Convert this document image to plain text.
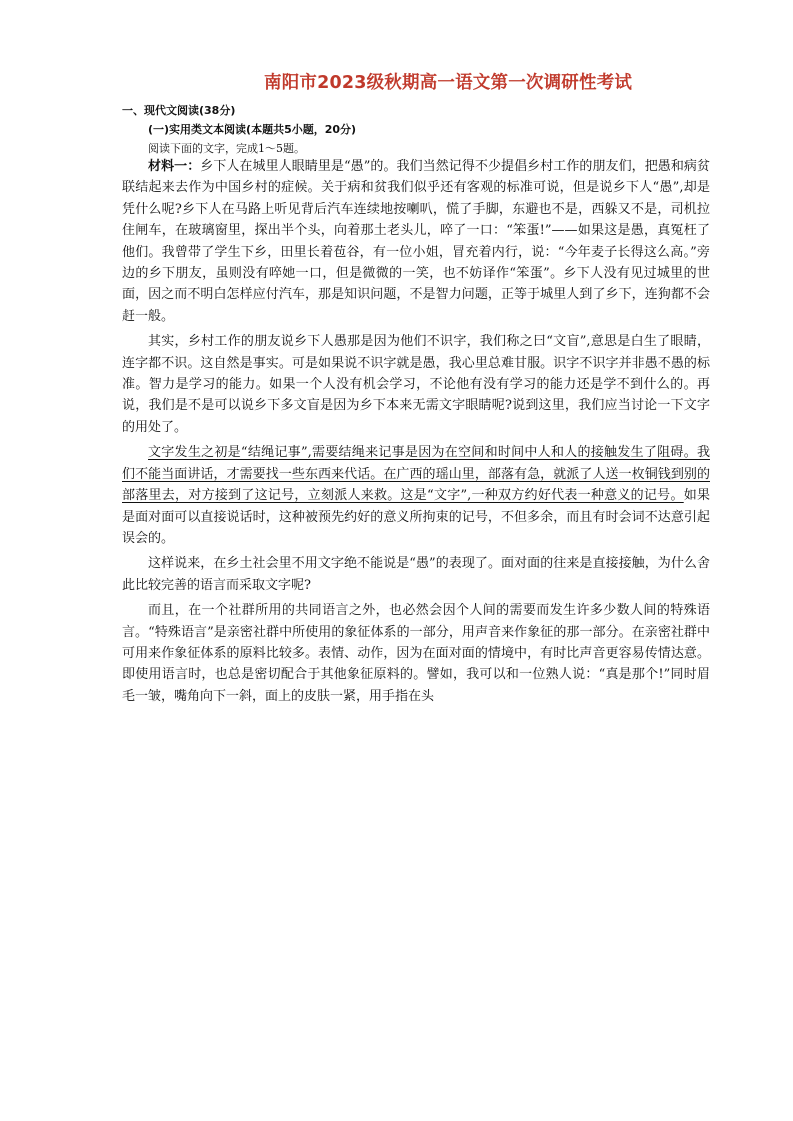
南阳市2023级秋期高一语文第一次调研性考试
一、现代文阅读(38分)
(一)实用类文本阅读(本题共5小题，20分)
阅读下面的文字，完成1～5题。

材料一：乡下人在城里人眼睛里是“愚”的。我们当然记得不少提倡乡村工作的朋友们，把愚和病贫联结起来去作为中国乡村的症候。关于病和贫我们似乎还有客观的标准可说，但是说乡下人“愚”,却是凭什么呢?乡下人在马路上听见背后汽车连续地按喇叭，慌了手脚，东避也不是，西躲又不是，司机拉住闸车，在玻璃窗里，探出半个头，向着那土老头儿，啐了一口：“笨蛋!”——如果这是愚，真冤枉了他们。我曾带了学生下乡，田里长着苞谷，有一位小姐，冒充着内行，说：“今年麦子长得这么高。”旁边的乡下朋友，虽则没有啐她一口，但是微微的一笑，也不妨译作“笨蛋”。乡下人没有见过城里的世面，因之而不明白怎样应付汽车，那是知识问题，不是智力问题，正等于城里人到了乡下，连狗都不会赶一般。

其实，乡村工作的朋友说乡下人愚那是因为他们不识字，我们称之曰“文盲”,意思是白生了眼睛，连字都不识。这自然是事实。可是如果说不识字就是愚，我心里总难甘服。识字不识字并非愚不愚的标准。智力是学习的能力。如果一个人没有机会学习，不论他有没有学习的能力还是学不到什么的。再说，我们是不是可以说乡下多文盲是因为乡下本来无需文字眼睛呢?说到这里，我们应当讨论一下文字的用处了。

文字发生之初是“结绳记事”,需要结绳来记事是因为在空间和时间中人和人的接触发生了阻碍。我们不能当面讲话，才需要找一些东西来代话。在广西的瑶山里，部落有急，就派了人送一枚铜钱到别的部落里去，对方接到了这记号，立刻派人来救。这是“文字”,一种双方约好代表一种意义的记号。如果是面对面可以直接说话时，这种被预先约好的意义所拘束的记号，不但多余，而且有时会词不达意引起误会的。

这样说来，在乡土社会里不用文字绝不能说是“愚”的表现了。面对面的往来是直接接触，为什么舍此比较完善的语言而采取文字呢?

而且，在一个社群所用的共同语言之外，也必然会因个人间的需要而发生许多少数人间的特殊语言。“特殊语言”是亲密社群中所使用的象征体系的一部分，用声音来作象征的那一部分。在亲密社群中可用来作象征体系的原料比较多。表情、动作，因为在面对面的情境中，有时比声音更容易传情达意。即使用语言时，也总是密切配合于其他象征原料的。譬如，我可以和一位熟人说：“真是那个!”同时眉毛一皱，嘴角向下一斜，面上的皮肤一紧，用手指在头
